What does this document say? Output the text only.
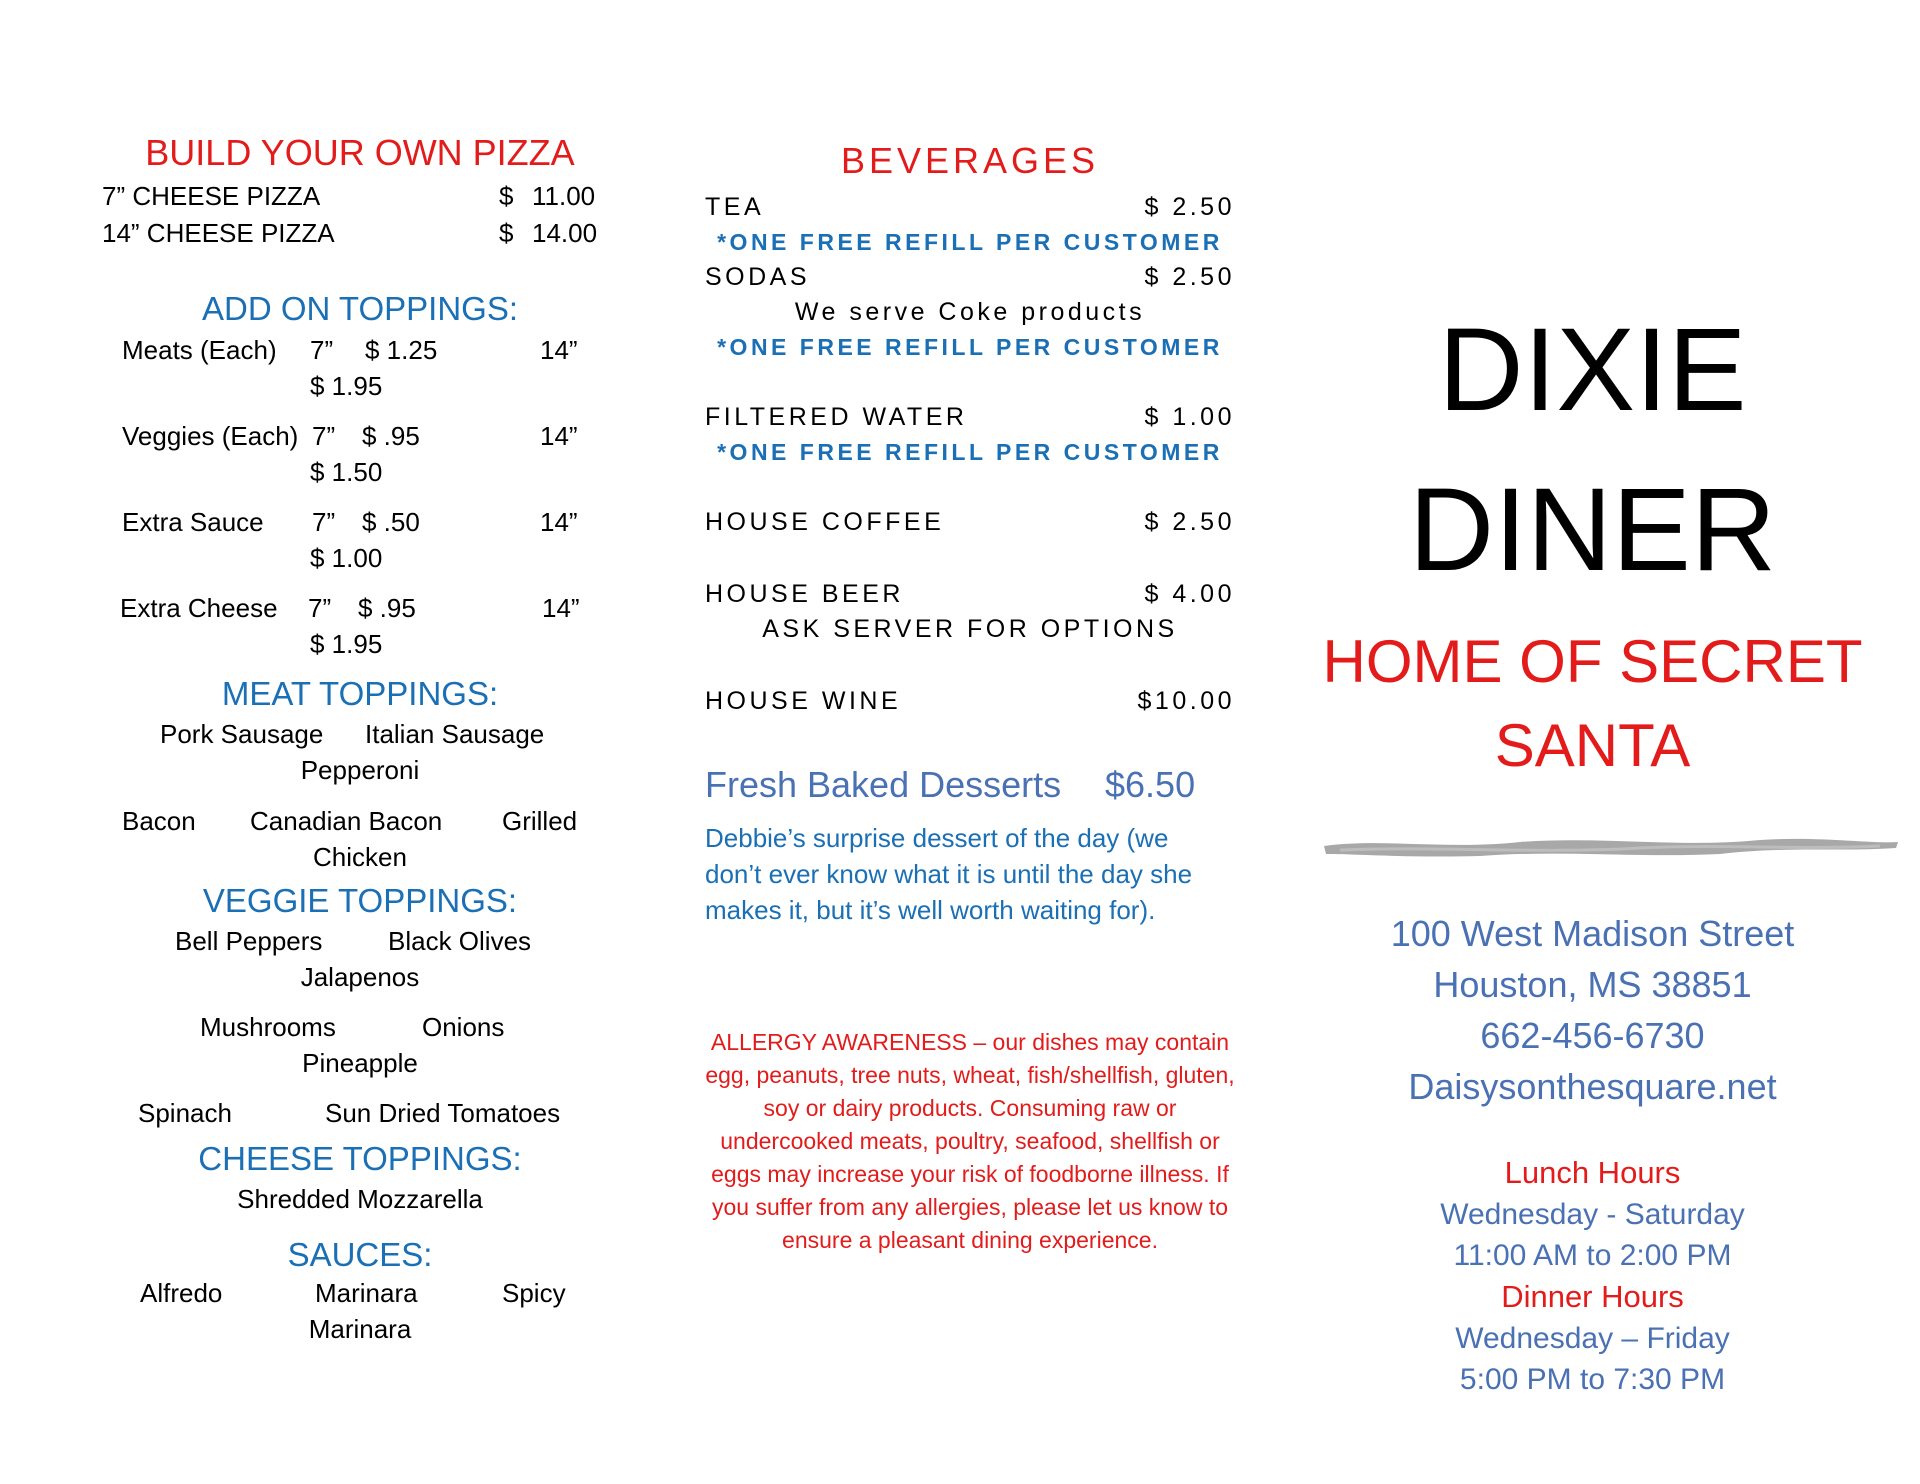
BUILD YOUR OWN PIZZA
7” CHEESE PIZZA	$ 11.00
14” CHEESE PIZZA	$ 14.00
ADD ON TOPPINGS:
Meats (Each) 7” $ 1.25	14”
$ 1.95
Veggies (Each) 7” $ .95	14”
$ 1.50
Extra Sauce 7” $ .50	14”
$ 1.00
Extra Cheese 7” $ .95	14”
$ 1.95
MEAT TOPPINGS:
Pork Sausage Italian Sausage
Pepperoni
Bacon Canadian Bacon Grilled
Chicken
VEGGIE TOPPINGS:
Bell Peppers	Black Olives
Jalapenos
Mushrooms	Onions
Pineapple
Spinach	Sun Dried Tomatoes
CHEESE TOPPINGS:
Shredded Mozzarella
SAUCES:
Alfredo	Marinara	Spicy
Marinara
BEVERAGES
TEA	$ 2.50
*ONE FREE REFILL PER CUSTOMER
SODAS	$ 2.50
We serve Coke products
*ONE FREE REFILL PER CUSTOMER
FILTERED WATER	$ 1.00
*ONE FREE REFILL PER CUSTOMER
HOUSE COFFEE	$ 2.50
HOUSE BEER	$ 4.00
ASK SERVER FOR OPTIONS
HOUSE WINE	$10.00
Fresh Baked Desserts $6.50
Debbie’s surprise dessert of the day (we don’t ever know what it is until the day she makes it, but it’s well worth waiting for).
ALLERGY AWARENESS – our dishes may contain egg, peanuts, tree nuts, wheat, fish/shellfish, gluten, soy or dairy products. Consuming raw or undercooked meats, poultry, seafood, shellfish or eggs may increase your risk of foodborne illness. If you suffer from any allergies, please let us know to ensure a pleasant dining experience.
DIXIE
DINER
HOME OF SECRET
SANTA
100 West Madison Street
Houston, MS 38851
662-456-6730
Daisysonthesquare.net
Lunch Hours
Wednesday - Saturday
11:00 AM to 2:00 PM
Dinner Hours
Wednesday – Friday
5:00 PM to 7:30 PM
